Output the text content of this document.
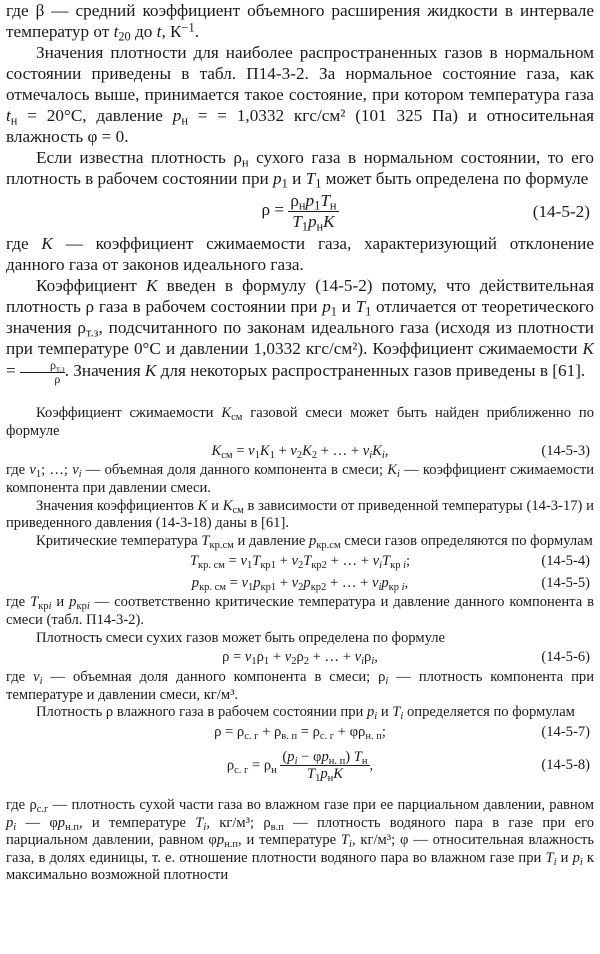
где β — средний коэффициент объемного расширения жидкости в интервале температур от $t_{20}$ до t, $К^{-1}$.

Значения плотности для наиболее распространенных газов в нормальном состоянии приведены в табл. П14-3-2. За нормальное состояние газа, как отмечалось выше, принимается такое состояние, при котором температура газа $t_н = 20^\circ C$, давление $p_н$ = = 1,0332 кгс/см² (101 325 Па) и относительная влажность φ = 0.

Если известна плотность $\rho_н$ сухого газа в нормальном состоянии, то его плотность в рабочем состоянии при $p_1$ и $T_1$ может быть определена по формуле

$\rho = \rho_нp_1T_н$
$T_1p_нK$
(14-5-2)

где K — коэффициент сжимаемости газа, характеризующий отклонение данного газа от законов идеального газа.

Коэффициент K введен в формулу (14-5-2) потому, что действительная плотность ρ газа в рабочем состоянии при $p_1$ и $T_1$ отличается от теоретического значения $\rho_{т.з}$, подсчитанного по законам идеального газа (исходя из плотности при температуре 0°C и давлении 1,0332 кгс/см²). Коэффициент сжимаемости K =	$\rho_{т.з}$
ρ . Значения K для некоторых распространенных газов приведены в [61].

Коэффициент сжимаемости $K_{см}$ газовой смеси может быть найден приближенно по формуле

$K_{см} = v_1K_1 + v_2K_2$ + … + $v_iK_i$,	(14-5-3)

где $v_1$; …; $v_i$ — объемная доля данного компонента в смеси; $K_i$ — коэффициент сжимаемости компонента при давлении смеси.

Значения коэффициентов K и $K_{см}$ в зависимости от приведенной температуры (14-3-17) и приведенного давления (14-3-18) даны в [61].

Критические температура $T_{кр.см}$ и давление $p_{кр.см}$ смеси газов определяются по формулам

$T_{кр. см} = v_1T_{кр1} + v_2T_{кр2}$ + … + $v_iT_{кр i}$;	(14-5-4)
$p_{кр. см} = v_1p_{кр1} + v_2p_{кр2}$ + … + $v_ip_{кр i}$,	(14-5-5)

где $T_{крi}$ и $p_{крi}$ — соответственно критические температура и давление данного компонента в смеси (табл. П14-3-2).

Плотность смеси сухих газов может быть определена по формуле

$\rho = v_1\rho_1 + v_2\rho_2$ + … + $v_i\rho_i$,	(14-5-6)

где $v_i$ — объемная доля данного компонента в смеси; $\rho_i$ — плотность компонента при температуре и давлении смеси, кг/м³.

Плотность ρ влажного газа в рабочем состоянии при $p_i$ и $T_i$ определяется по формулам

$\rho = \rho_{с. г} + \rho_{в. п} = \rho_{с. г} + \varphi\rho_{н. п}$;	(14-5-7)
$\rho_{с. г} = \rho_н$
$(p_i - \varphi p_{н. п})$ $T_н$
$T_1p_нK$
,	(14-5-8)

где $\rho_{с.г}$ — плотность сухой части газа во влажном газе при ее парциальном давлении, равном $p_i$ — $\varphi p_{н.п}$, и температуре $T_i$, кг/м³; $\rho_{в.п}$ — плотность водяного пара в газе при его парциальном давлении, равном $\varphi p_{н.п}$, и температуре $T_i$, кг/м³; φ — относительная влажность газа, в долях единицы, т. е. отношение плотности водяного пара во влажном газе при $T_i$ и $p_i$ к максимально возможной плотности
